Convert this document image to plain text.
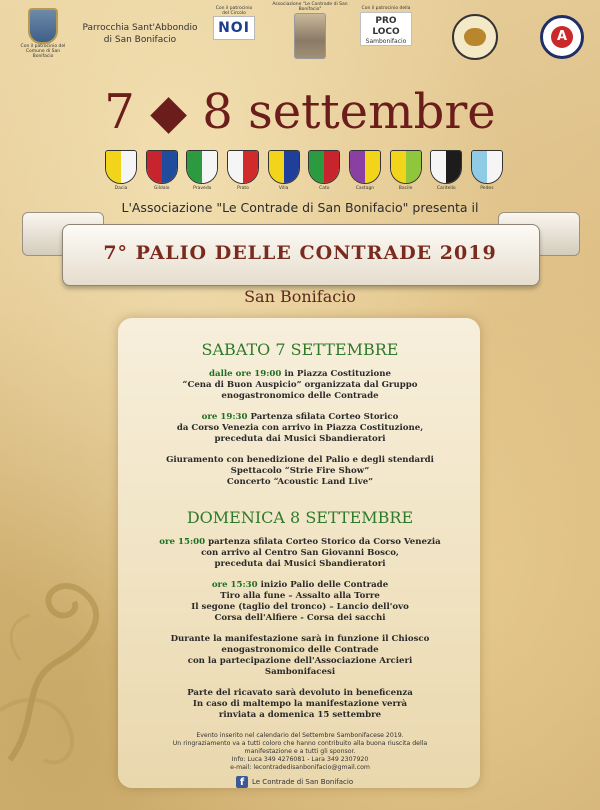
Con il patrocinio del Comune di San Bonifacio
Parrocchia Sant'Abbondio
di San Bonifacio
Con il patrocinio del Circolo
NOI
Associazione "Le Contrade di San Bonifacio"	Con il patrocinio della
PRO LOCO
Sambonifacio	A
7 ◆ 8 settembre
Dacia	Gildalo	Pravedo	Prato	Villa	Cato	Castagn	Bacile	Caritello	Pedes
L'Associazione "Le Contrade di San Bonifacio" presenta il
7° PALIO DELLE CONTRADE 2019
San Bonifacio
SABATO 7 SETTEMBRE
dalle ore 19:00 in Piazza Costituzione
“Cena di Buon Auspicio” organizzata dal Gruppo
enogastronomico delle Contrade
ore 19:30 Partenza sfilata Corteo Storico
da Corso Venezia con arrivo in Piazza Costituzione,
preceduta dai Musici Sbandieratori
Giuramento con benedizione del Palio e degli stendardi
Spettacolo “Strie Fire Show”
Concerto “Acoustic Land Live”
DOMENICA 8 SETTEMBRE
ore 15:00 partenza sfilata Corteo Storico da Corso Venezia
con arrivo al Centro San Giovanni Bosco,
preceduta dai Musici Sbandieratori
ore 15:30 inizio Palio delle Contrade
Tiro alla fune – Assalto alla Torre
Il segone (taglio del tronco) – Lancio dell'ovo
Corsa dell'Alfiere - Corsa dei sacchi
Durante la manifestazione sarà in funzione il Chiosco
enogastronomico delle Contrade
con la partecipazione dell'Associazione Arcieri
Sambonifacesi
Parte del ricavato sarà devoluto in beneficenza
In caso di maltempo la manifestazione verrà
rinviata a domenica 15 settembre
Evento inserito nel calendario del Settembre Sambonifacese 2019.
Un ringraziamento va a tutti coloro che hanno contribuito alla buona riuscita della
manifestazione e a tutti gli sponsor.
Info: Luca 349 4276081 - Lara 349 2307920
e-mail: lecontradedisanbonifacio@gmail.com
f	Le Contrade di San Bonifacio
